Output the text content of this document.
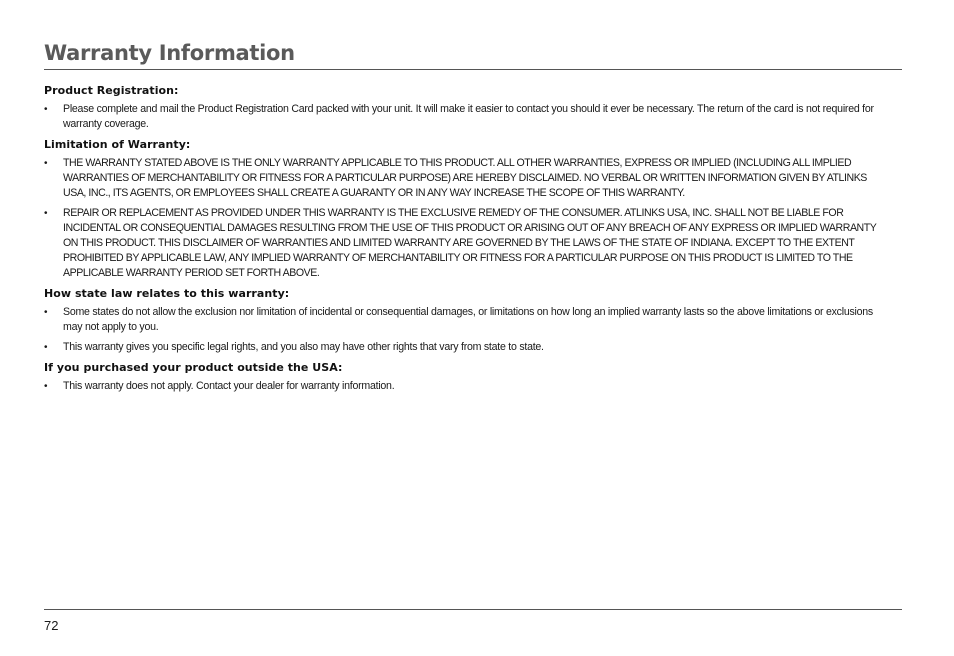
Warranty Information
Product Registration:
•	Please complete and mail the Product Registration Card packed with your unit. It will make it easier to contact you should it ever be necessary. The return of the card is not required for warranty coverage.
Limitation of Warranty:
•	THE WARRANTY STATED ABOVE IS THE ONLY WARRANTY APPLICABLE TO THIS PRODUCT. ALL OTHER WARRANTIES, EXPRESS OR IMPLIED (INCLUDING ALL IMPLIED WARRANTIES OF MERCHANTABILITY OR FITNESS FOR A PARTICULAR PURPOSE) ARE HEREBY DISCLAIMED. NO VERBAL OR WRITTEN INFORMATION GIVEN BY ATLINKS USA, INC., ITS AGENTS, OR EMPLOYEES SHALL CREATE A GUARANTY OR IN ANY WAY INCREASE THE SCOPE OF THIS WARRANTY.
•	REPAIR OR REPLACEMENT AS PROVIDED UNDER THIS WARRANTY IS THE EXCLUSIVE REMEDY OF THE CONSUMER. ATLINKS USA, INC. SHALL NOT BE LIABLE FOR INCIDENTAL OR CONSEQUENTIAL DAMAGES RESULTING FROM THE USE OF THIS PRODUCT OR ARISING OUT OF ANY BREACH OF ANY EXPRESS OR IMPLIED WARRANTY ON THIS PRODUCT. THIS DISCLAIMER OF WARRANTIES AND LIMITED WARRANTY ARE GOVERNED BY THE LAWS OF THE STATE OF INDIANA. EXCEPT TO THE EXTENT PROHIBITED BY APPLICABLE LAW, ANY IMPLIED WARRANTY OF MERCHANTABILITY OR FITNESS FOR A PARTICULAR PURPOSE ON THIS PRODUCT IS LIMITED TO THE APPLICABLE WARRANTY PERIOD SET FORTH ABOVE.
How state law relates to this warranty:
•	Some states do not allow the exclusion nor limitation of incidental or consequential damages, or limitations on how long an implied warranty lasts so the above limitations or exclusions may not apply to you.
•	This warranty gives you specific legal rights, and you also may have other rights that vary from state to state.
If you purchased your product outside the USA:
•	This warranty does not apply. Contact your dealer for warranty information.
72
